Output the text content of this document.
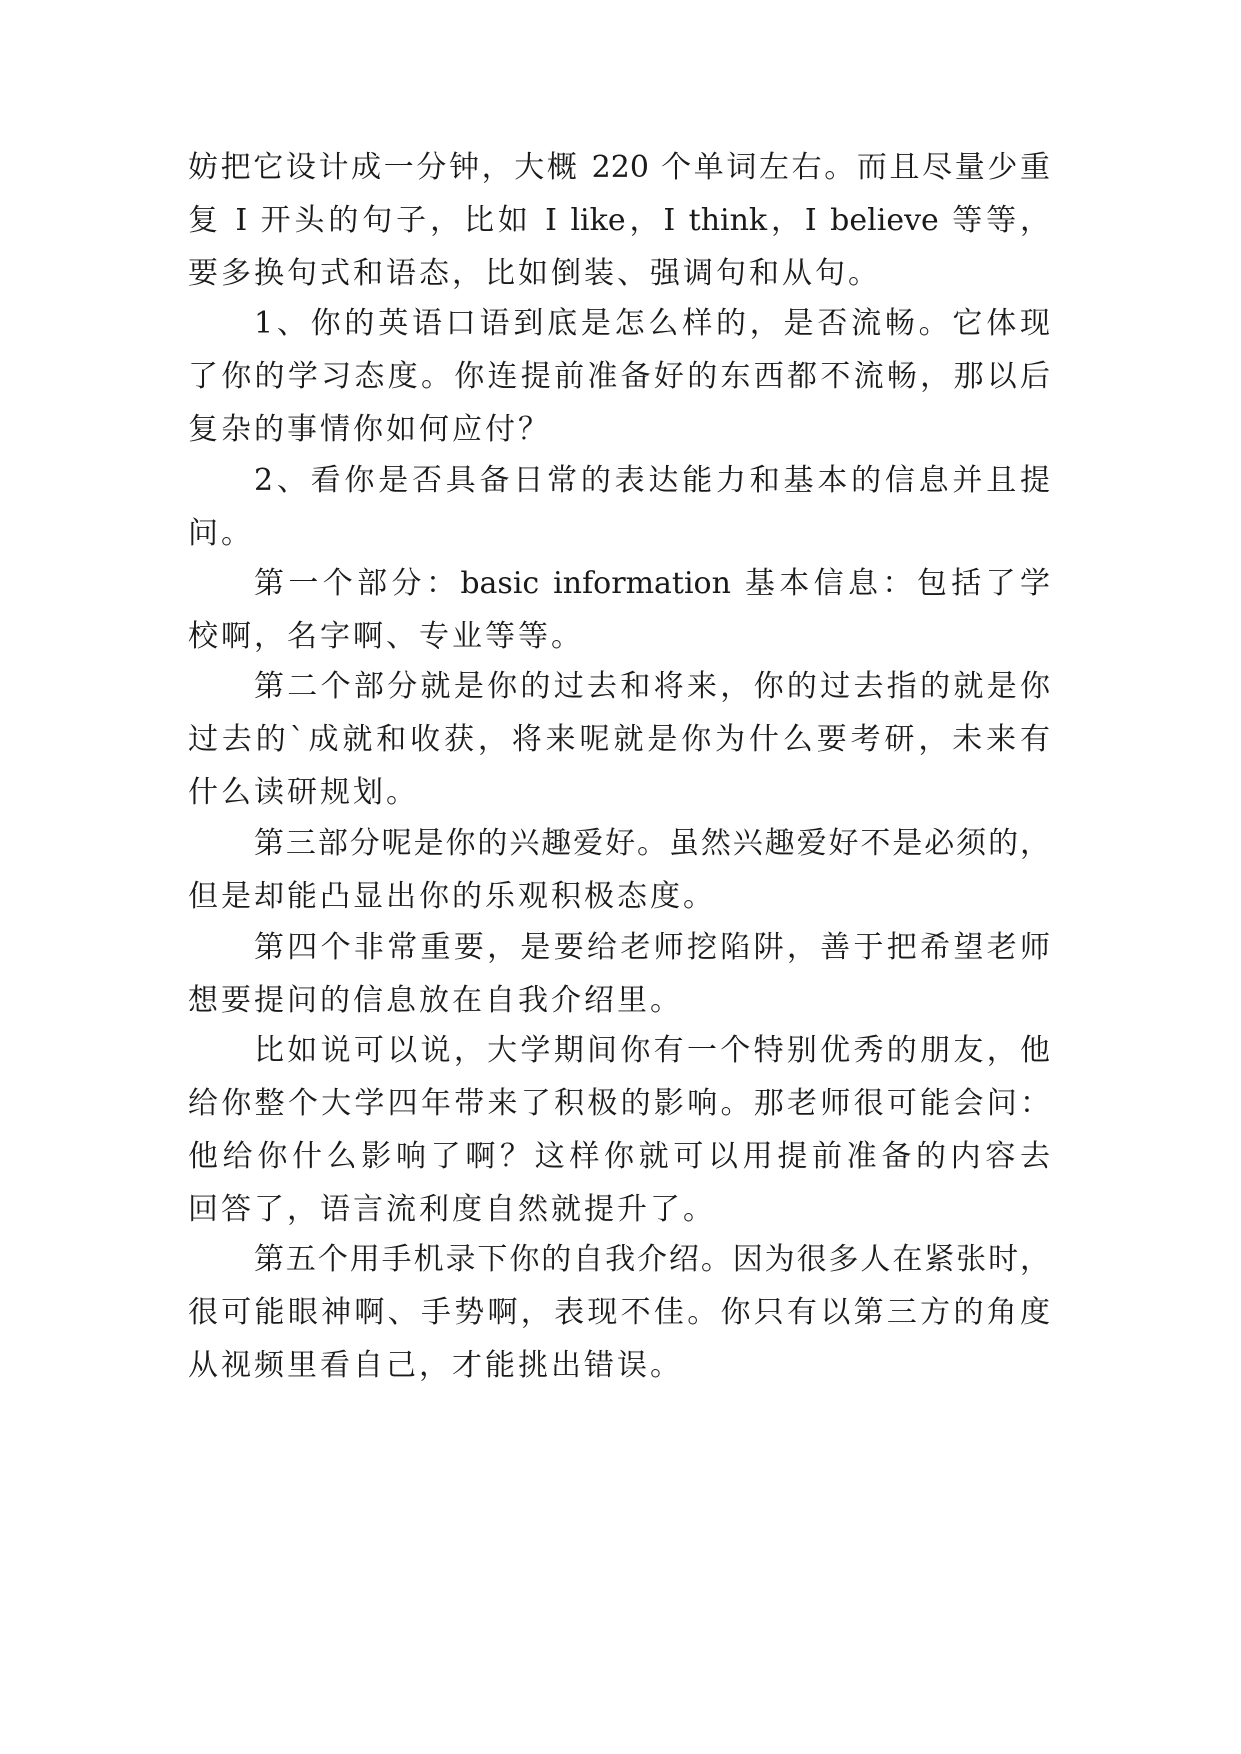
妨把它设计成一分钟，大概 220 个单词左右。而且尽量少重
复 I 开头的句子，比如 I like，I think，I believe 等等，
要多换句式和语态，比如倒装、强调句和从句。
1、你的英语口语到底是怎么样的，是否流畅。它体现
了你的学习态度。你连提前准备好的东西都不流畅，那以后
复杂的事情你如何应付？
2、看你是否具备日常的表达能力和基本的信息并且提
问。
第一个部分：basic information 基本信息：包括了学
校啊，名字啊、专业等等。
第二个部分就是你的过去和将来，你的过去指的就是你
过去的`成就和收获，将来呢就是你为什么要考研，未来有
什么读研规划。
第三部分呢是你的兴趣爱好。虽然兴趣爱好不是必须的，
但是却能凸显出你的乐观积极态度。
第四个非常重要，是要给老师挖陷阱，善于把希望老师
想要提问的信息放在自我介绍里。
比如说可以说，大学期间你有一个特别优秀的朋友，他
给你整个大学四年带来了积极的影响。那老师很可能会问：
他给你什么影响了啊？这样你就可以用提前准备的内容去
回答了，语言流利度自然就提升了。
第五个用手机录下你的自我介绍。因为很多人在紧张时，
很可能眼神啊、手势啊，表现不佳。你只有以第三方的角度
从视频里看自己，才能挑出错误。
